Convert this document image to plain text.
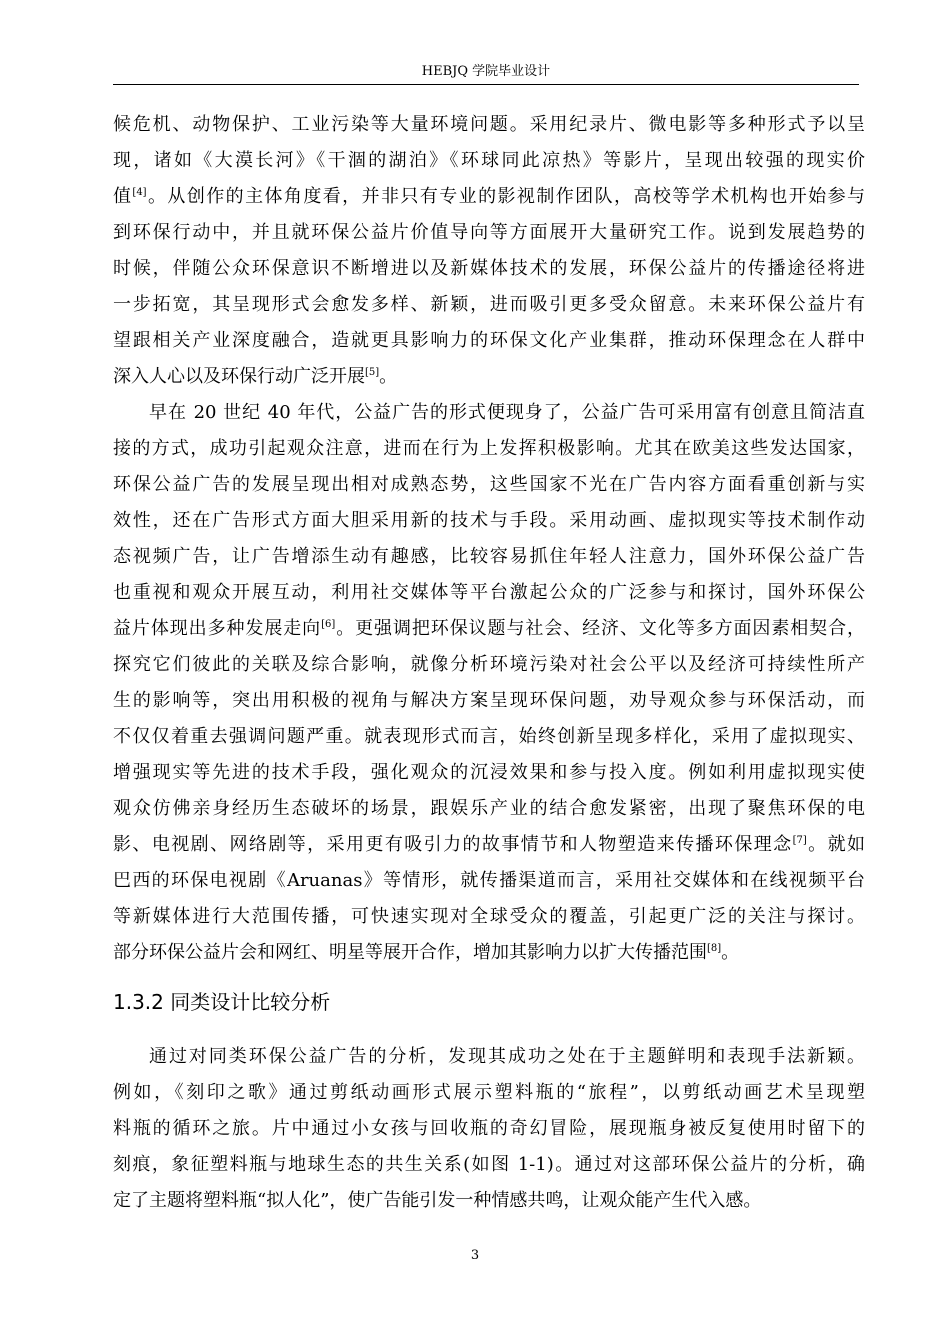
HEBJQ 学院毕业设计
候危机、动物保护、工业污染等大量环境问题。采用纪录片、微电影等多种形式予以呈
现，诸如《大漠长河》《干涸的湖泊》《环球同此凉热》等影片，呈现出较强的现实价
值[4]。从创作的主体角度看，并非只有专业的影视制作团队，高校等学术机构也开始参与
到环保行动中，并且就环保公益片价值导向等方面展开大量研究工作。说到发展趋势的
时候，伴随公众环保意识不断增进以及新媒体技术的发展，环保公益片的传播途径将进
一步拓宽，其呈现形式会愈发多样、新颖，进而吸引更多受众留意。未来环保公益片有
望跟相关产业深度融合，造就更具影响力的环保文化产业集群，推动环保理念在人群中
深入人心以及环保行动广泛开展[5]。
早在 20 世纪 40 年代，公益广告的形式便现身了，公益广告可采用富有创意且简洁直
接的方式，成功引起观众注意，进而在行为上发挥积极影响。尤其在欧美这些发达国家，
环保公益广告的发展呈现出相对成熟态势，这些国家不光在广告内容方面看重创新与实
效性，还在广告形式方面大胆采用新的技术与手段。采用动画、虚拟现实等技术制作动
态视频广告，让广告增添生动有趣感，比较容易抓住年轻人注意力，国外环保公益广告
也重视和观众开展互动，利用社交媒体等平台激起公众的广泛参与和探讨，国外环保公
益片体现出多种发展走向[6]。更强调把环保议题与社会、经济、文化等多方面因素相契合，
探究它们彼此的关联及综合影响，就像分析环境污染对社会公平以及经济可持续性所产
生的影响等，突出用积极的视角与解决方案呈现环保问题，劝导观众参与环保活动，而
不仅仅着重去强调问题严重。就表现形式而言，始终创新呈现多样化，采用了虚拟现实、
增强现实等先进的技术手段，强化观众的沉浸效果和参与投入度。例如利用虚拟现实使
观众仿佛亲身经历生态破坏的场景，跟娱乐产业的结合愈发紧密，出现了聚焦环保的电
影、电视剧、网络剧等，采用更有吸引力的故事情节和人物塑造来传播环保理念[7]。就如
巴西的环保电视剧《Aruanas》等情形，就传播渠道而言，采用社交媒体和在线视频平台
等新媒体进行大范围传播，可快速实现对全球受众的覆盖，引起更广泛的关注与探讨。
部分环保公益片会和网红、明星等展开合作，增加其影响力以扩大传播范围[8]。
1.3.2 同类设计比较分析
通过对同类环保公益广告的分析，发现其成功之处在于主题鲜明和表现手法新颖。
例如，《刻印之歌》通过剪纸动画形式展示塑料瓶的“旅程”，以剪纸动画艺术呈现塑
料瓶的循环之旅。片中通过小女孩与回收瓶的奇幻冒险，展现瓶身被反复使用时留下的
刻痕，象征塑料瓶与地球生态的共生关系(如图 1-1)。通过对这部环保公益片的分析，确
定了主题将塑料瓶“拟人化”，使广告能引发一种情感共鸣，让观众能产生代入感。
3
